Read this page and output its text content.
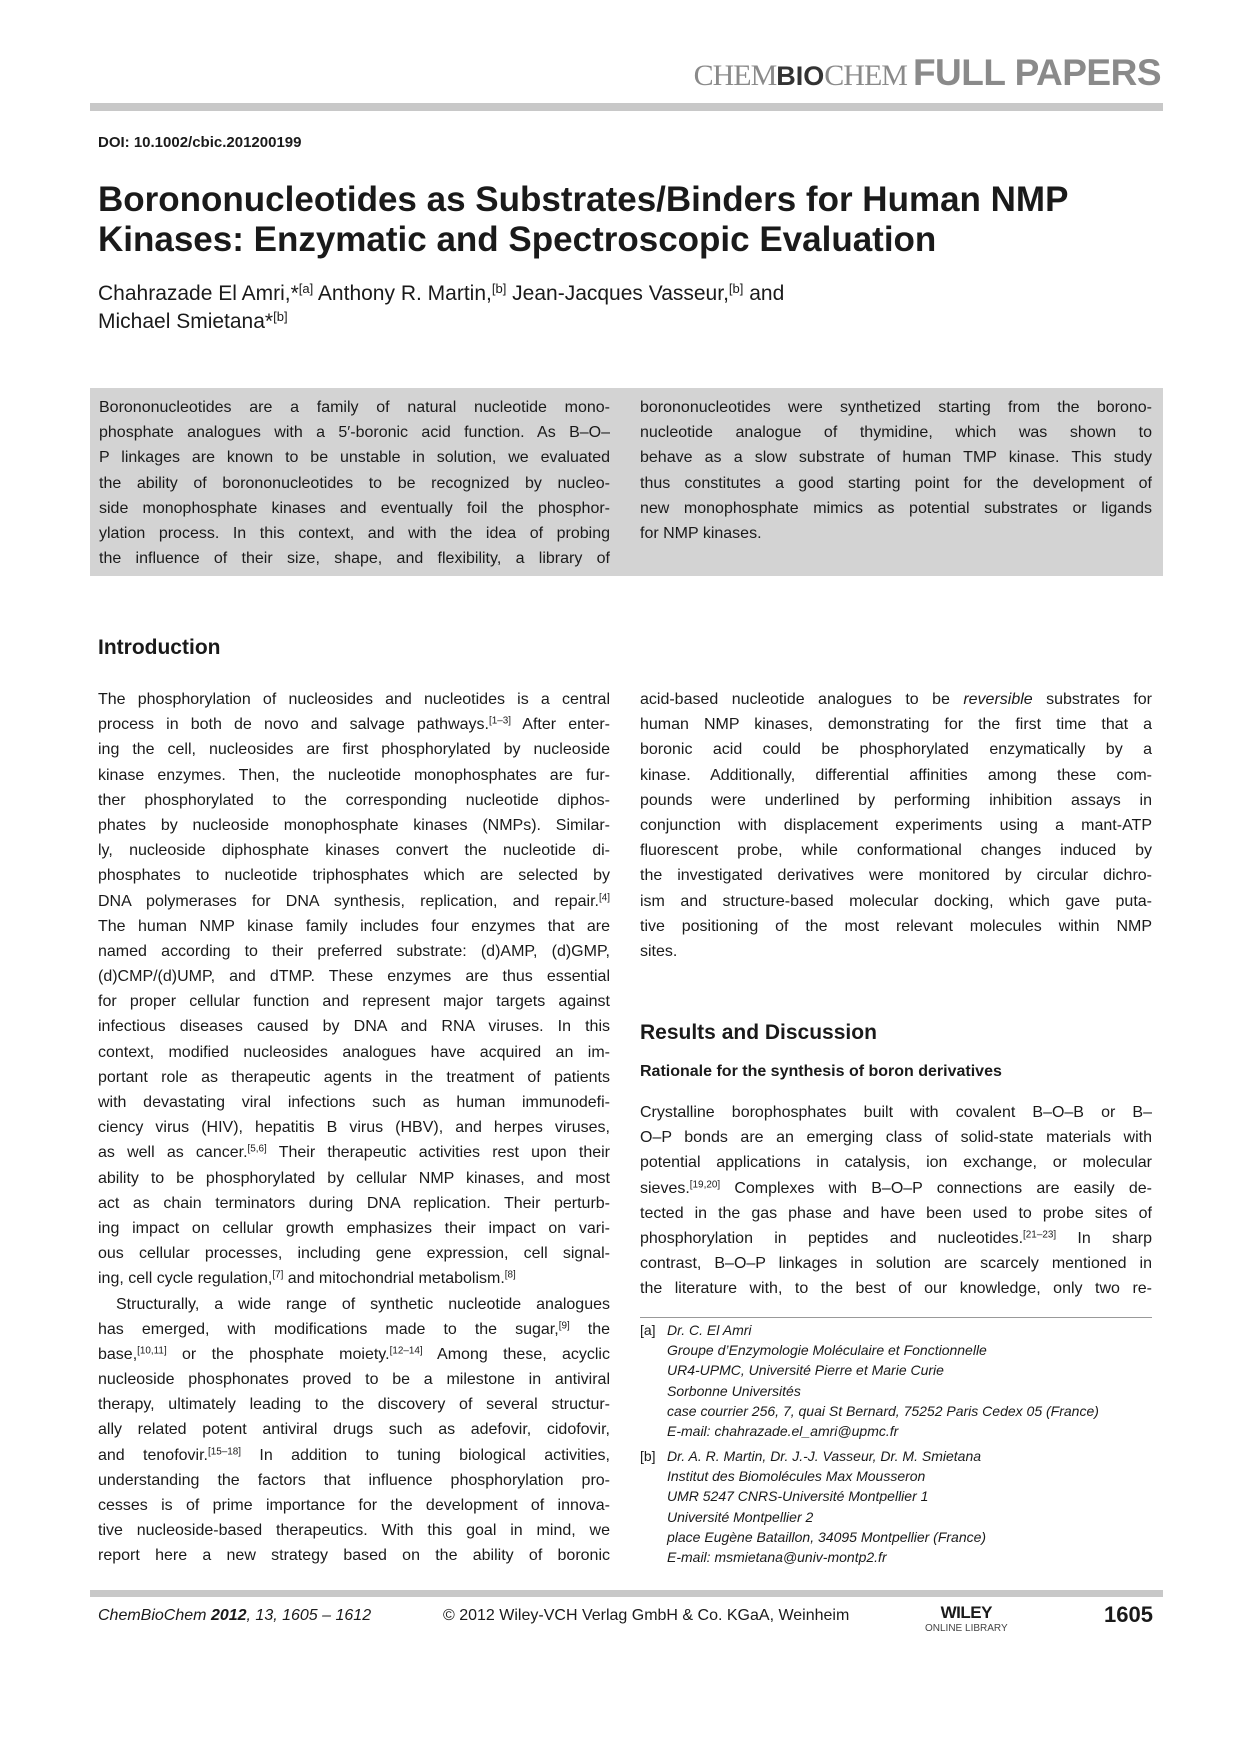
CHEMBIOCHEM FULL PAPERS
DOI: 10.1002/cbic.201200199
Borononucleotides as Substrates/Binders for Human NMP
Kinases: Enzymatic and Spectroscopic Evaluation
Chahrazade El Amri,*[a] Anthony R. Martin,[b] Jean-Jacques Vasseur,[b] and
Michael Smietana*[b]
Borononucleotides are a family of natural nucleotide mono-
phosphate analogues with a 5′-boronic acid function. As B–O–
P linkages are known to be unstable in solution, we evaluated
the ability of borononucleotides to be recognized by nucleo-
side monophosphate kinases and eventually foil the phosphor-
ylation process. In this context, and with the idea of probing
the influence of their size, shape, and flexibility, a library of
borononucleotides were synthetized starting from the borono-
nucleotide analogue of thymidine, which was shown to
behave as a slow substrate of human TMP kinase. This study
thus constitutes a good starting point for the development of
new monophosphate mimics as potential substrates or ligands
for NMP kinases.
Introduction
The phosphorylation of nucleosides and nucleotides is a central
process in both de novo and salvage pathways.[1–3] After enter-
ing the cell, nucleosides are first phosphorylated by nucleoside
kinase enzymes. Then, the nucleotide monophosphates are fur-
ther phosphorylated to the corresponding nucleotide diphos-
phates by nucleoside monophosphate kinases (NMPs). Similar-
ly, nucleoside diphosphate kinases convert the nucleotide di-
phosphates to nucleotide triphosphates which are selected by
DNA polymerases for DNA synthesis, replication, and repair.[4]
The human NMP kinase family includes four enzymes that are
named according to their preferred substrate: (d)AMP, (d)GMP,
(d)CMP/(d)UMP, and dTMP. These enzymes are thus essential
for proper cellular function and represent major targets against
infectious diseases caused by DNA and RNA viruses. In this
context, modified nucleosides analogues have acquired an im-
portant role as therapeutic agents in the treatment of patients
with devastating viral infections such as human immunodefi-
ciency virus (HIV), hepatitis B virus (HBV), and herpes viruses,
as well as cancer.[5,6] Their therapeutic activities rest upon their
ability to be phosphorylated by cellular NMP kinases, and most
act as chain terminators during DNA replication. Their perturb-
ing impact on cellular growth emphasizes their impact on vari-
ous cellular processes, including gene expression, cell signal-
ing, cell cycle regulation,[7] and mitochondrial metabolism.[8]
Structurally, a wide range of synthetic nucleotide analogues
has emerged, with modifications made to the sugar,[9] the
base,[10,11] or the phosphate moiety.[12–14] Among these, acyclic
nucleoside phosphonates proved to be a milestone in antiviral
therapy, ultimately leading to the discovery of several structur-
ally related potent antiviral drugs such as adefovir, cidofovir,
and tenofovir.[15–18] In addition to tuning biological activities,
understanding the factors that influence phosphorylation pro-
cesses is of prime importance for the development of innova-
tive nucleoside-based therapeutics. With this goal in mind, we
report here a new strategy based on the ability of boronic
acid-based nucleotide analogues to be reversible substrates for
human NMP kinases, demonstrating for the first time that a
boronic acid could be phosphorylated enzymatically by a
kinase. Additionally, differential affinities among these com-
pounds were underlined by performing inhibition assays in
conjunction with displacement experiments using a mant-ATP
fluorescent probe, while conformational changes induced by
the investigated derivatives were monitored by circular dichro-
ism and structure-based molecular docking, which gave puta-
tive positioning of the most relevant molecules within NMP
sites.
Results and Discussion
Rationale for the synthesis of boron derivatives
Crystalline borophosphates built with covalent B–O–B or B–
O–P bonds are an emerging class of solid-state materials with
potential applications in catalysis, ion exchange, or molecular
sieves.[19,20] Complexes with B–O–P connections are easily de-
tected in the gas phase and have been used to probe sites of
phosphorylation in peptides and nucleotides.[21–23] In sharp
contrast, B–O–P linkages in solution are scarcely mentioned in
the literature with, to the best of our knowledge, only two re-
[a] Dr. C. El Amri
Groupe d’Enzymologie Moléculaire et Fonctionnelle
UR4-UPMC, Université Pierre et Marie Curie
Sorbonne Universités
case courrier 256, 7, quai St Bernard, 75252 Paris Cedex 05 (France)
E-mail: chahrazade.el_amri@upmc.fr
[b] Dr. A. R. Martin, Dr. J.-J. Vasseur, Dr. M. Smietana
Institut des Biomolécules Max Mousseron
UMR 5247 CNRS-Université Montpellier 1
Université Montpellier 2
place Eugène Bataillon, 34095 Montpellier (France)
E-mail: msmietana@univ-montp2.fr
ChemBioChem 2012, 13, 1605 – 1612	© 2012 Wiley-VCH Verlag GmbH & Co. KGaA, Weinheim	WILEY
ONLINE LIBRARY
1605
